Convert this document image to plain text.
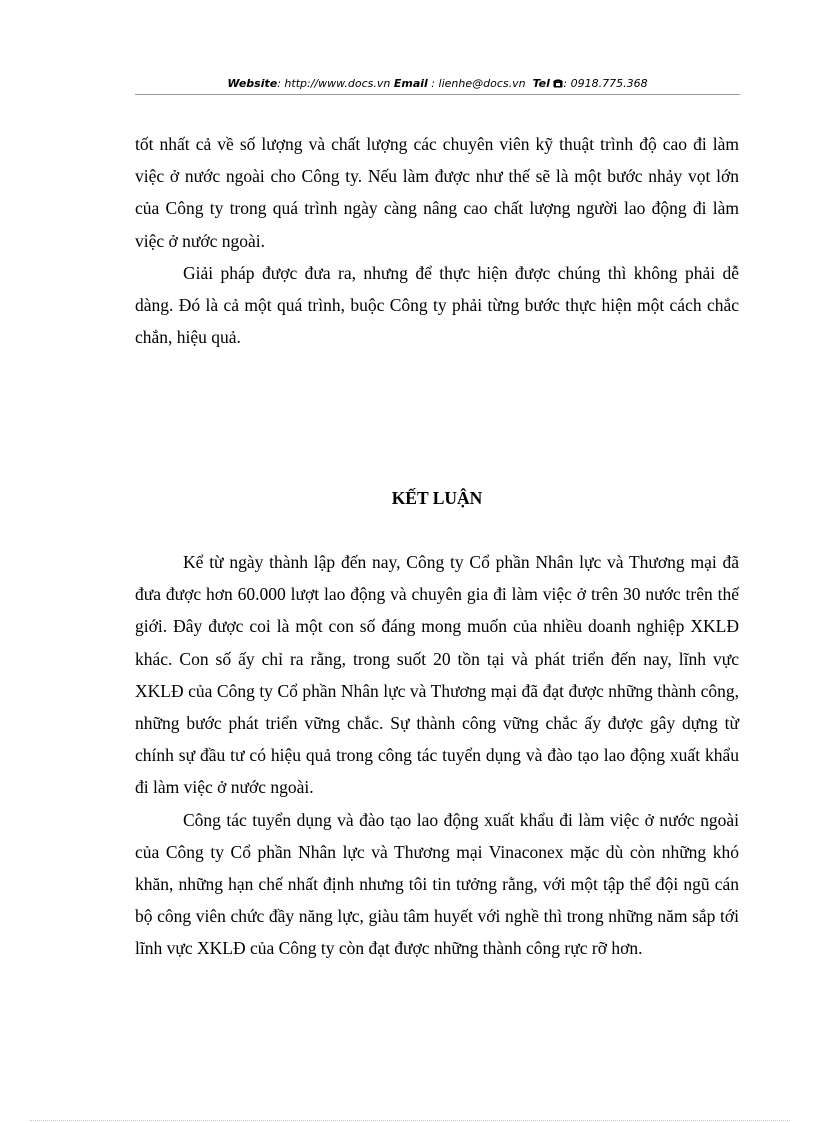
Website: http://www.docs.vn Email : lienhe@docs.vn Tel : 0918.775.368

tốt nhất cả về số lượng và chất lượng các chuyên viên kỹ thuật trình độ cao đi làm việc ở nước ngoài cho Công ty. Nếu làm được như thế sẽ là một bước nhảy vọt lớn của Công ty trong quá trình ngày càng nâng cao chất lượng người lao động đi làm việc ở nước ngoài.

Giải pháp được đưa ra, nhưng để thực hiện được chúng thì không phải dễ dàng. Đó là cả một quá trình, buộc Công ty phải từng bước thực hiện một cách chắc chắn, hiệu quả.

KẾT LUẬN

Kể từ ngày thành lập đến nay, Công ty Cổ phần Nhân lực và Thương mại đã đưa được hơn 60.000 lượt lao động và chuyên gia đi làm việc ở trên 30 nước trên thế giới. Đây được coi là một con số đáng mong muốn của nhiều doanh nghiệp XKLĐ khác. Con số ấy chỉ ra rằng, trong suốt 20 tồn tại và phát triển đến nay, lĩnh vực XKLĐ của Công ty Cổ phần Nhân lực và Thương mại đã đạt được những thành công, những bước phát triển vững chắc. Sự thành công vững chắc ấy được gây dựng từ chính sự đầu tư có hiệu quả trong công tác tuyển dụng và đào tạo lao động xuất khẩu đi làm việc ở nước ngoài.

Công tác tuyển dụng và đào tạo lao động xuất khẩu đi làm việc ở nước ngoài của Công ty Cổ phần Nhân lực và Thương mại Vinaconex mặc dù còn những khó khăn, những hạn chế nhất định nhưng tôi tin tưởng rằng, với một tập thể đội ngũ cán bộ công viên chức đầy năng lực, giàu tâm huyết với nghề thì trong những năm sắp tới lĩnh vực XKLĐ của Công ty còn đạt được những thành công rực rỡ hơn.
